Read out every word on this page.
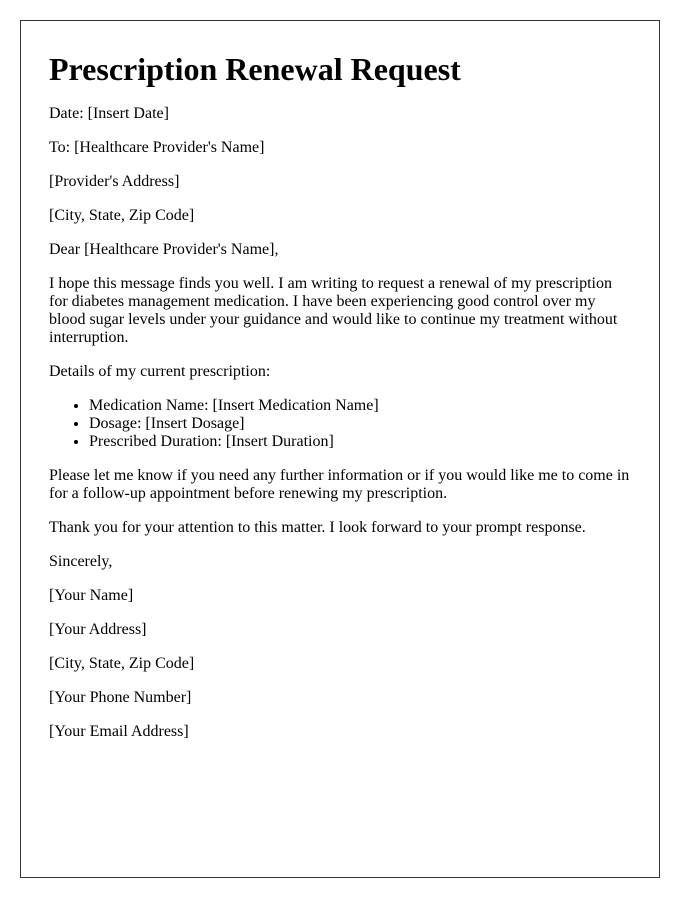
Prescription Renewal Request

Date: [Insert Date]

To: [Healthcare Provider's Name]

[Provider's Address]

[City, State, Zip Code]

Dear [Healthcare Provider's Name],

I hope this message finds you well. I am writing to request a renewal of my prescription for diabetes management medication. I have been experiencing good control over my blood sugar levels under your guidance and would like to continue my treatment without interruption.

Details of my current prescription:

• Medication Name: [Insert Medication Name]
• Dosage: [Insert Dosage]
• Prescribed Duration: [Insert Duration]

Please let me know if you need any further information or if you would like me to come in for a follow-up appointment before renewing my prescription.

Thank you for your attention to this matter. I look forward to your prompt response.

Sincerely,

[Your Name]

[Your Address]

[City, State, Zip Code]

[Your Phone Number]

[Your Email Address]
